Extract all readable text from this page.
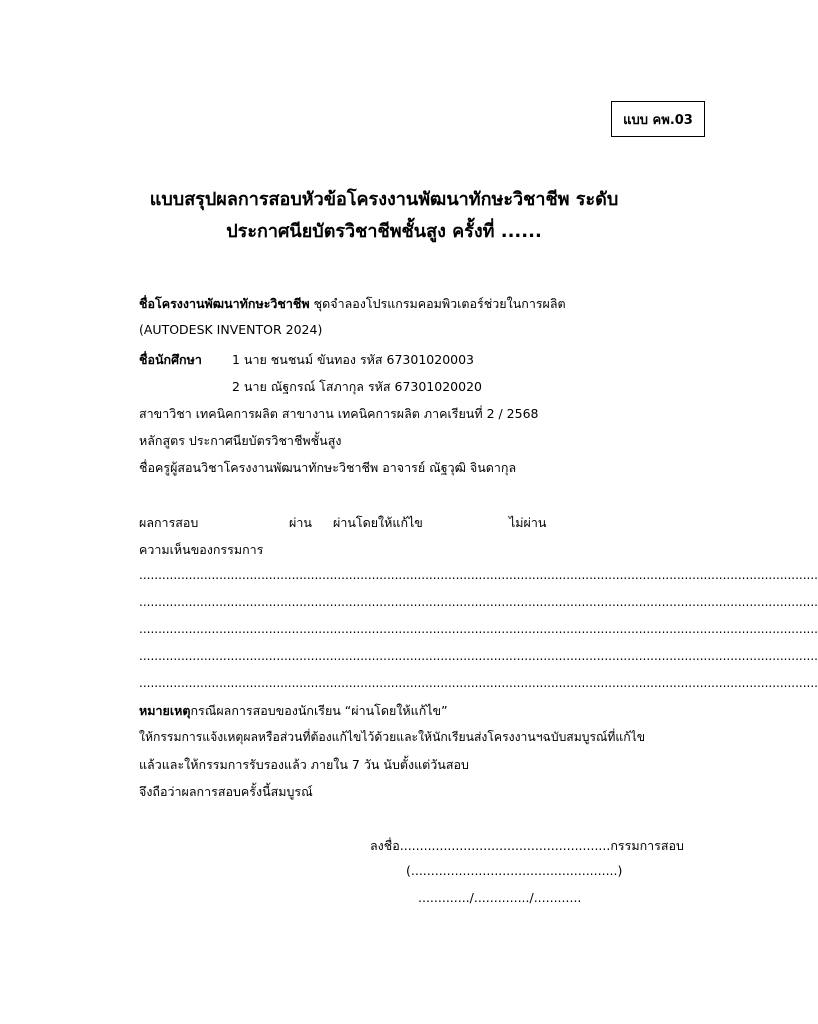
แบบ คพ.03
แบบสรุปผลการสอบหัวข้อโครงงานพัฒนาทักษะวิชาชีพ ระดับ
ประกาศนียบัตรวิชาชีพชั้นสูง ครั้งที่ ......
ชื่อโครงงานพัฒนาทักษะวิชาชีพ ชุดจำลองโปรแกรมคอมพิวเตอร์ช่วยในการผลิต
(AUTODESK INVENTOR 2024)
ชื่อนักศึกษา 1 นาย ชนชนม์ ขันทอง รหัส 67301020003
2 นาย ณัฐกรณ์ โสภากุล รหัส 67301020020
สาขาวิชา เทคนิคการผลิต สาขางาน เทคนิคการผลิต ภาคเรียนที่ 2 / 2568
หลักสูตร ประกาศนียบัตรวิชาชีพชั้นสูง
ชื่อครูผู้สอนวิชาโครงงานพัฒนาทักษะวิชาชีพ อาจารย์ ณัฐวุฒิ จินดากุล
ผลการสอบ	ผ่าน ผ่านโดยให้แก้ไข	ไม่ผ่าน
ความเห็นของกรรมการ
..................................................................................................................................................................................
..................................................................................................................................................................................
..................................................................................................................................................................................
..................................................................................................................................................................................
..................................................................................................................................................................................
หมายเหตุกรณีผลการสอบของนักเรียน “ผ่านโดยให้แก้ไข”
ให้กรรมการแจ้งเหตุผลหรือส่วนที่ต้องแก้ไขไว้ด้วยและให้นักเรียนส่งโครงงานฯฉบับสมบูรณ์ที่แก้ไข
แล้วและให้กรรมการรับรองแล้ว ภายใน 7 วัน นับตั้งแต่วันสอบ
จึงถือว่าผลการสอบครั้งนี้สมบูรณ์
ลงชื่อ.....................................................กรรมการสอบ
(....................................................)
............./............../............
